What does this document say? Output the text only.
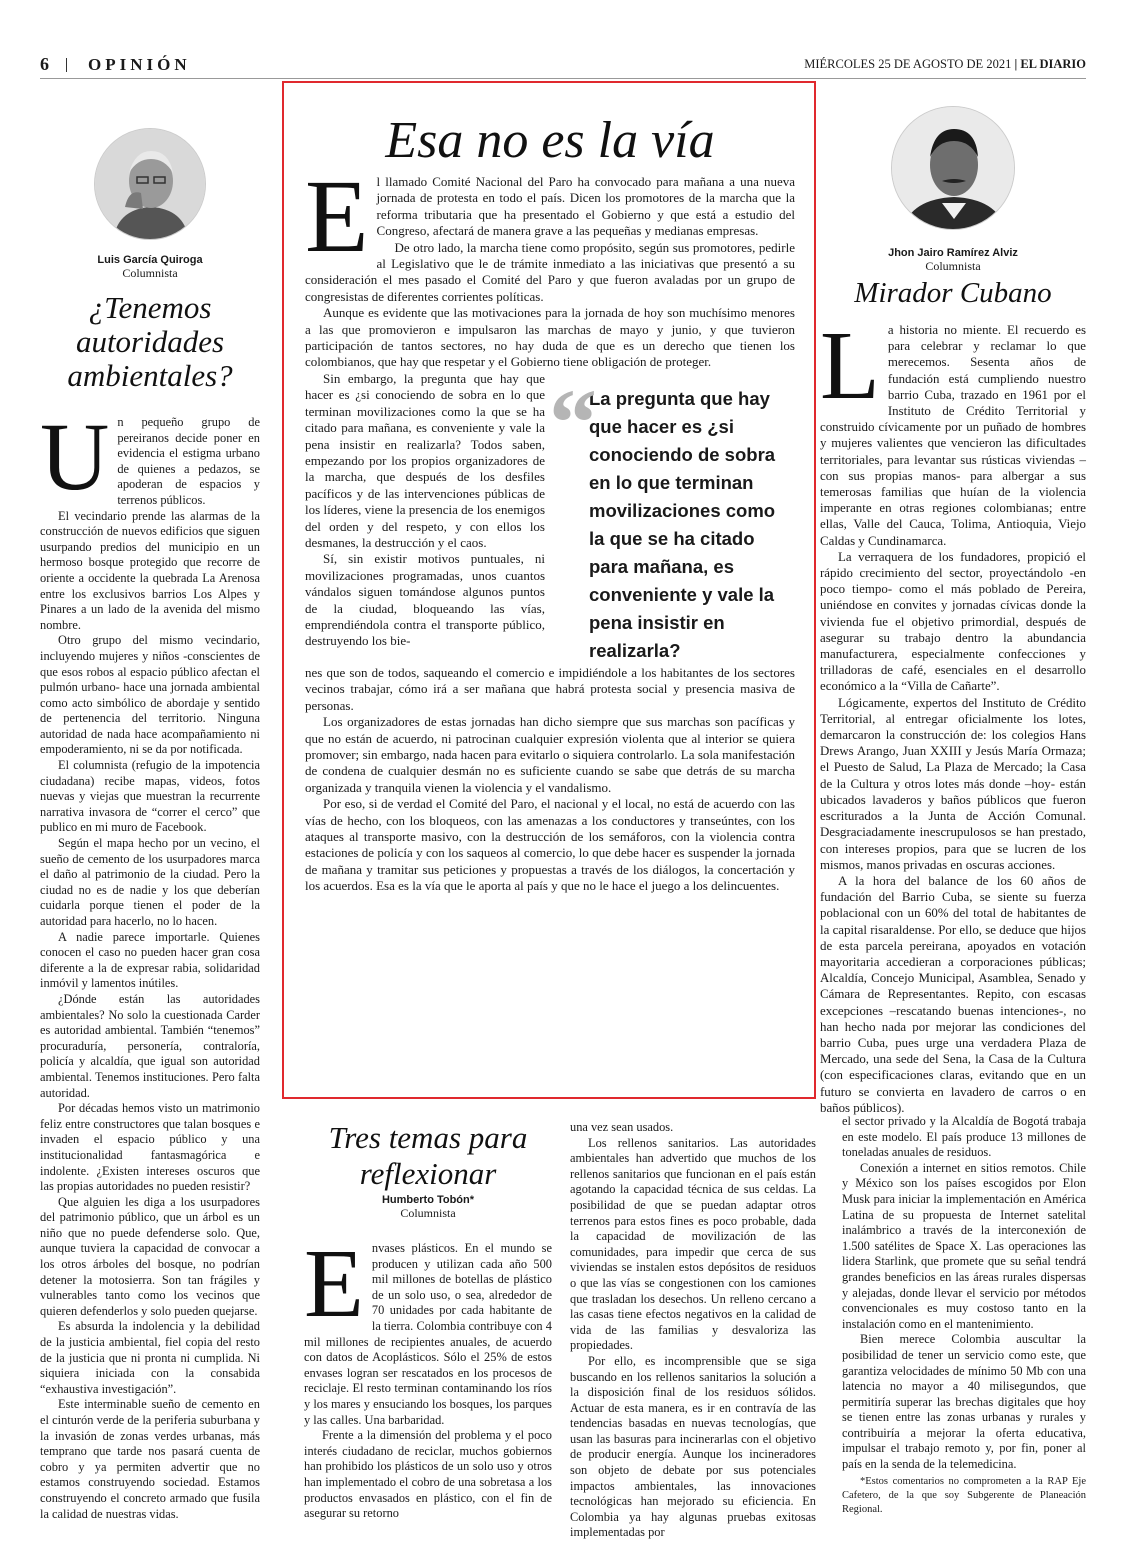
6 OPINIÓN	MIÉRCOLES 25 DE AGOSTO DE 2021 | EL DIARIO
Luis García Quiroga
Columnista
¿Tenemos autoridades ambientales?
U n pequeño grupo de pereiranos decide poner en evidencia el estigma urbano de quienes a pedazos, se apoderan de espacios y terrenos públicos.

El vecindario prende las alarmas de la construcción de nuevos edificios que siguen usurpando predios del municipio en un hermoso bosque protegido que recorre de oriente a occidente la quebrada La Arenosa entre los exclusivos barrios Los Alpes y Pinares a un lado de la avenida del mismo nombre.

Otro grupo del mismo vecindario, incluyendo mujeres y niños -conscientes de que esos robos al espacio público afectan el pulmón urbano- hace una jornada ambiental como acto simbólico de abordaje y sentido de pertenencia del territorio. Ninguna autoridad de nada hace acompañamiento ni empoderamiento, ni se da por notificada.

El columnista (refugio de la impotencia ciudadana) recibe mapas, videos, fotos nuevas y viejas que muestran la recurrente narrativa invasora de “correr el cerco” que publico en mi muro de Facebook.

Según el mapa hecho por un vecino, el sueño de cemento de los usurpadores marca el daño al patrimonio de la ciudad. Pero la ciudad no es de nadie y los que deberían cuidarla porque tienen el poder de la autoridad para hacerlo, no lo hacen.

A nadie parece importarle. Quienes conocen el caso no pueden hacer gran cosa diferente a la de expresar rabia, solidaridad inmóvil y lamentos inútiles.

¿Dónde están las autoridades ambientales? No solo la cuestionada Carder es autoridad ambiental. También “tenemos” procuraduría, personería, contraloría, policía y alcaldía, que igual son autoridad ambiental. Tenemos instituciones. Pero falta autoridad.

Por décadas hemos visto un matrimonio feliz entre constructores que talan bosques e invaden el espacio público y una institucionalidad fantasmagórica e indolente. ¿Existen intereses oscuros que las propias autoridades no pueden resistir?

Que alguien les diga a los usurpadores del patrimonio público, que un árbol es un niño que no puede defenderse solo. Que, aunque tuviera la capacidad de convocar a los otros árboles del bosque, no podrían detener la motosierra. Son tan frágiles y vulnerables tanto como los vecinos que quieren defenderlos y solo pueden quejarse.

Es absurda la indolencia y la debilidad de la justicia ambiental, fiel copia del resto de la justicia que ni pronta ni cumplida. Ni siquiera iniciada con la consabida “exhaustiva investigación”.

Este interminable sueño de cemento en el cinturón verde de la periferia suburbana y la invasión de zonas verdes urbanas, más temprano que tarde nos pasará cuenta de cobro y ya permiten advertir que no estamos construyendo sociedad. Estamos construyendo el concreto armado que fusila la calidad de nuestras vidas.

Esa no es la vía
E l llamado Comité Nacional del Paro ha convocado para mañana a una nueva jornada de protesta en todo el país. Dicen los promotores de la marcha que la reforma tributaria que ha presentado el Gobierno y que está a estudio del Congreso, afectará de manera grave a las pequeñas y medianas empresas.

De otro lado, la marcha tiene como propósito, según sus promotores, pedirle al Legislativo que le de trámite inmediato a las iniciativas que presentó a su consideración el mes pasado el Comité del Paro y que fueron avaladas por un grupo de congresistas de diferentes corrientes políticas.

Aunque es evidente que las motivaciones para la jornada de hoy son muchísimo menores a las que promovieron e impulsaron las marchas de mayo y junio, y que tuvieron participación de tantos sectores, no hay duda de que es un derecho que tienen los colombianos, que hay que respetar y el Gobierno tiene obligación de proteger.

“
La pregunta que hay que hacer es ¿si conociendo de sobra en lo que terminan movilizaciones como la que se ha citado para mañana, es conveniente y vale la pena insistir en realizarla?

Sin embargo, la pregunta que hay que hacer es ¿si conociendo de sobra en lo que terminan movilizaciones como la que se ha citado para mañana, es conveniente y vale la pena insistir en realizarla? Todos saben, empezando por los propios organizadores de la marcha, que después de los desfiles pacíficos y de las intervenciones públicas de los líderes, viene la presencia de los enemigos del orden y del respeto, y con ellos los desmanes, la destrucción y el caos.

Sí, sin existir motivos puntuales, ni movilizaciones programadas, unos cuantos vándalos siguen tomándose algunos puntos de la ciudad, bloqueando las vías, emprendiéndola contra el transporte público, destruyendo los bie-

nes que son de todos, saqueando el comercio e impidiéndole a los habitantes de los sectores vecinos trabajar, cómo irá a ser mañana que habrá protesta social y presencia masiva de personas.

Los organizadores de estas jornadas han dicho siempre que sus marchas son pacíficas y que no están de acuerdo, ni patrocinan cualquier expresión violenta que al interior se quiera promover; sin embargo, nada hacen para evitarlo o siquiera controlarlo. La sola manifestación de condena de cualquier desmán no es suficiente cuando se sabe que detrás de su marcha organizada y tranquila vienen la violencia y el vandalismo.

Por eso, si de verdad el Comité del Paro, el nacional y el local, no está de acuerdo con las vías de hecho, con los bloqueos, con las amenazas a los conductores y transeúntes, con los ataques al transporte masivo, con la destrucción de los semáforos, con la violencia contra estaciones de policía y con los saqueos al comercio, lo que debe hacer es suspender la jornada de mañana y tramitar sus peticiones y propuestas a través de los diálogos, la concertación y los acuerdos. Esa es la vía que le aporta al país y que no le hace el juego a los delincuentes.

Jhon Jairo Ramírez Alviz
Columnista
Mirador Cubano
L a historia no miente. El recuerdo es para celebrar y reclamar lo que merecemos. Sesenta años de fundación está cumpliendo nuestro barrio Cuba, trazado en 1961 por el Instituto de Crédito Territorial y construido cívicamente por un puñado de hombres y mujeres valientes que vencieron las dificultades territoriales, para levantar sus rústicas viviendas –con sus propias manos- para albergar a sus temerosas familias que huían de la violencia imperante en otras regiones colombianas; entre ellas, Valle del Cauca, Tolima, Antioquia, Viejo Caldas y Cundinamarca.

La verraquera de los fundadores, propició el rápido crecimiento del sector, proyectándolo -en poco tiempo- como el más poblado de Pereira, uniéndose en convites y jornadas cívicas donde la vivienda fue el objetivo primordial, después de asegurar su trabajo dentro la abundancia manufacturera, especialmente confecciones y trilladoras de café, esenciales en el desarrollo económico a la “Villa de Cañarte”.

Lógicamente, expertos del Instituto de Crédito Territorial, al entregar oficialmente los lotes, demarcaron la construcción de: los colegios Hans Drews Arango, Juan XXIII y Jesús María Ormaza; el Puesto de Salud, La Plaza de Mercado; la Casa de la Cultura y otros lotes más donde –hoy- están ubicados lavaderos y baños públicos que fueron escriturados a la Junta de Acción Comunal. Desgraciadamente inescrupulosos se han prestado, con intereses propios, para que se lucren de los mismos, manos privadas en oscuras acciones.

A la hora del balance de los 60 años de fundación del Barrio Cuba, se siente su fuerza poblacional con un 60% del total de habitantes de la capital risaraldense. Por ello, se deduce que hijos de esta parcela pereirana, apoyados en votación mayoritaria accedieran a corporaciones públicas; Alcaldía, Concejo Municipal, Asamblea, Senado y Cámara de Representantes. Repito, con escasas excepciones –rescatando buenas intenciones-, no han hecho nada por mejorar las condiciones del barrio Cuba, pues urge una verdadera Plaza de Mercado, una sede del Sena, la Casa de la Cultura (con especificaciones claras, evitando que en un futuro se convierta en lavadero de carros o en baños públicos).

Tres temas para reflexionar
Humberto Tobón*
Columnista
E nvases plásticos. En el mundo se producen y utilizan cada año 500 mil millones de botellas de plástico de un solo uso, o sea, alrededor de 70 unidades por cada habitante de la tierra. Colombia contribuye con 4 mil millones de recipientes anuales, de acuerdo con datos de Acoplásticos. Sólo el 25% de estos envases logran ser rescatados en los procesos de reciclaje. El resto terminan contaminando los ríos y los mares y ensuciando los bosques, los parques y las calles. Una barbaridad.

Frente a la dimensión del problema y el poco interés ciudadano de reciclar, muchos gobiernos han prohibido los plásticos de un solo uso y otros han implementado el cobro de una sobretasa a los productos envasados en plástico, con el fin de asegurar su retorno

una vez sean usados.

Los rellenos sanitarios. Las autoridades ambientales han advertido que muchos de los rellenos sanitarios que funcionan en el país están agotando la capacidad técnica de sus celdas. La posibilidad de que se puedan adaptar otros terrenos para estos fines es poco probable, dada la capacidad de movilización de las comunidades, para impedir que cerca de sus viviendas se instalen estos depósitos de residuos o que las vías se congestionen con los camiones que trasladan los desechos. Un relleno cercano a las casas tiene efectos negativos en la calidad de vida de las familias y desvaloriza las propiedades.

Por ello, es incomprensible que se siga buscando en los rellenos sanitarios la solución a la disposición final de los residuos sólidos. Actuar de esta manera, es ir en contravía de las tendencias basadas en nuevas tecnologías, que usan las basuras para incinerarlas con el objetivo de producir energía. Aunque los incineradores son objeto de debate por sus potenciales impactos ambientales, las innovaciones tecnológicas han mejorado su eficiencia. En Colombia ya hay algunas pruebas exitosas implementadas por

el sector privado y la Alcaldía de Bogotá trabaja en este modelo. El país produce 13 millones de toneladas anuales de residuos.

Conexión a internet en sitios remotos. Chile y México son los países escogidos por Elon Musk para iniciar la implementación en América Latina de su propuesta de Internet satelital inalámbrico a través de la interconexión de 1.500 satélites de Space X. Las operaciones las lidera Starlink, que promete que su señal tendrá grandes beneficios en las áreas rurales dispersas y alejadas, donde llevar el servicio por métodos convencionales es muy costoso tanto en la instalación como en el mantenimiento.

Bien merece Colombia auscultar la posibilidad de tener un servicio como este, que garantiza velocidades de mínimo 50 Mb con una latencia no mayor a 40 milisegundos, que permitiría superar las brechas digitales que hoy se tienen entre las zonas urbanas y rurales y contribuiría a mejorar la oferta educativa, impulsar el trabajo remoto y, por fin, poner al país en la senda de la telemedicina.

*Estos comentarios no comprometen a la RAP Eje Cafetero, de la que soy Subgerente de Planeación Regional.
